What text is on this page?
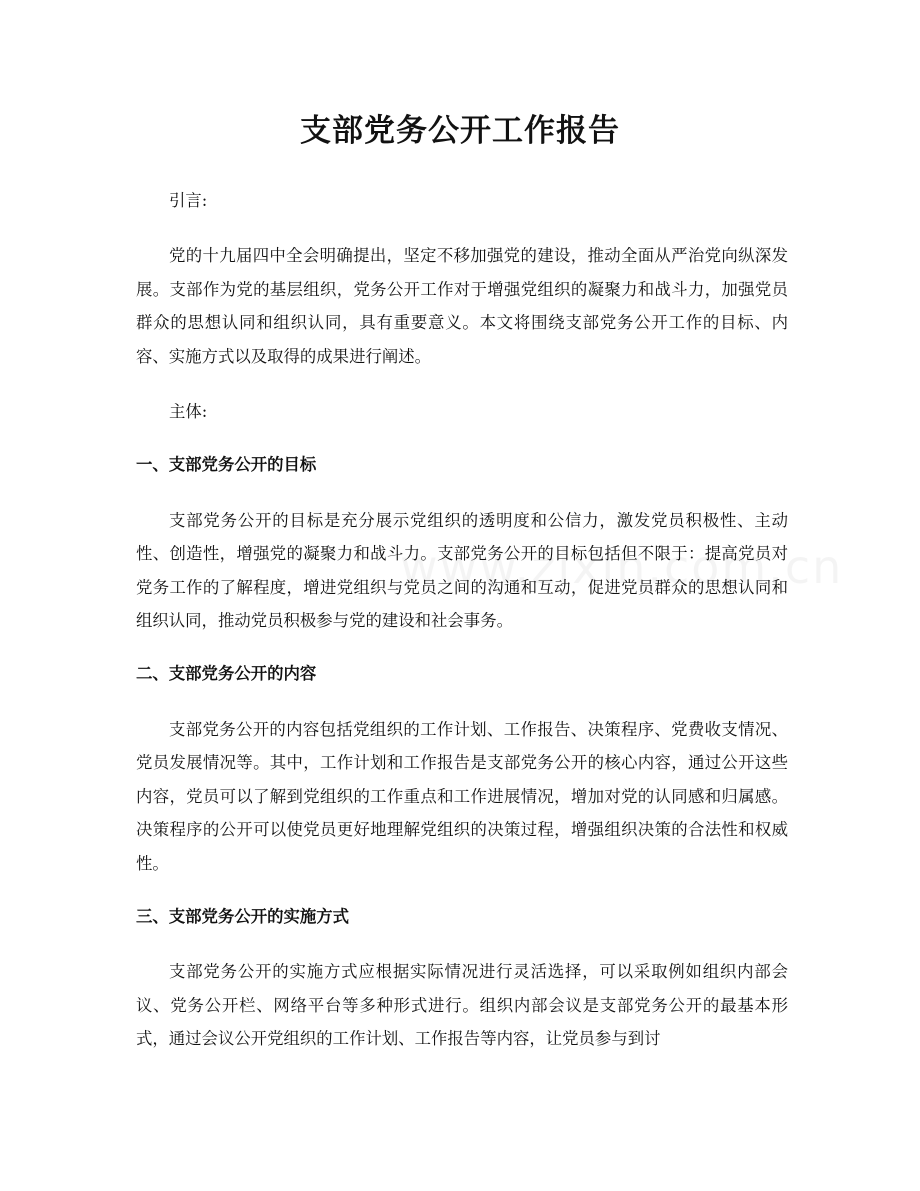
支部党务公开工作报告

引言:

党的十九届四中全会明确提出，坚定不移加强党的建设，推动全面从严治党向纵深发展。支部作为党的基层组织，党务公开工作对于增强党组织的凝聚力和战斗力，加强党员群众的思想认同和组织认同，具有重要意义。本文将围绕支部党务公开工作的目标、内容、实施方式以及取得的成果进行阐述。

主体:

一、支部党务公开的目标

支部党务公开的目标是充分展示党组织的透明度和公信力，激发党员积极性、主动性、创造性，增强党的凝聚力和战斗力。支部党务公开的目标包括但不限于：提高党员对党务工作的了解程度，增进党组织与党员之间的沟通和互动，促进党员群众的思想认同和组织认同，推动党员积极参与党的建设和社会事务。

二、支部党务公开的内容

支部党务公开的内容包括党组织的工作计划、工作报告、决策程序、党费收支情况、党员发展情况等。其中，工作计划和工作报告是支部党务公开的核心内容，通过公开这些内容，党员可以了解到党组织的工作重点和工作进展情况，增加对党的认同感和归属感。决策程序的公开可以使党员更好地理解党组织的决策过程，增强组织决策的合法性和权威性。

三、支部党务公开的实施方式

支部党务公开的实施方式应根据实际情况进行灵活选择，可以采取例如组织内部会议、党务公开栏、网络平台等多种形式进行。组织内部会议是支部党务公开的最基本形式，通过会议公开党组织的工作计划、工作报告等内容，让党员参与到讨
